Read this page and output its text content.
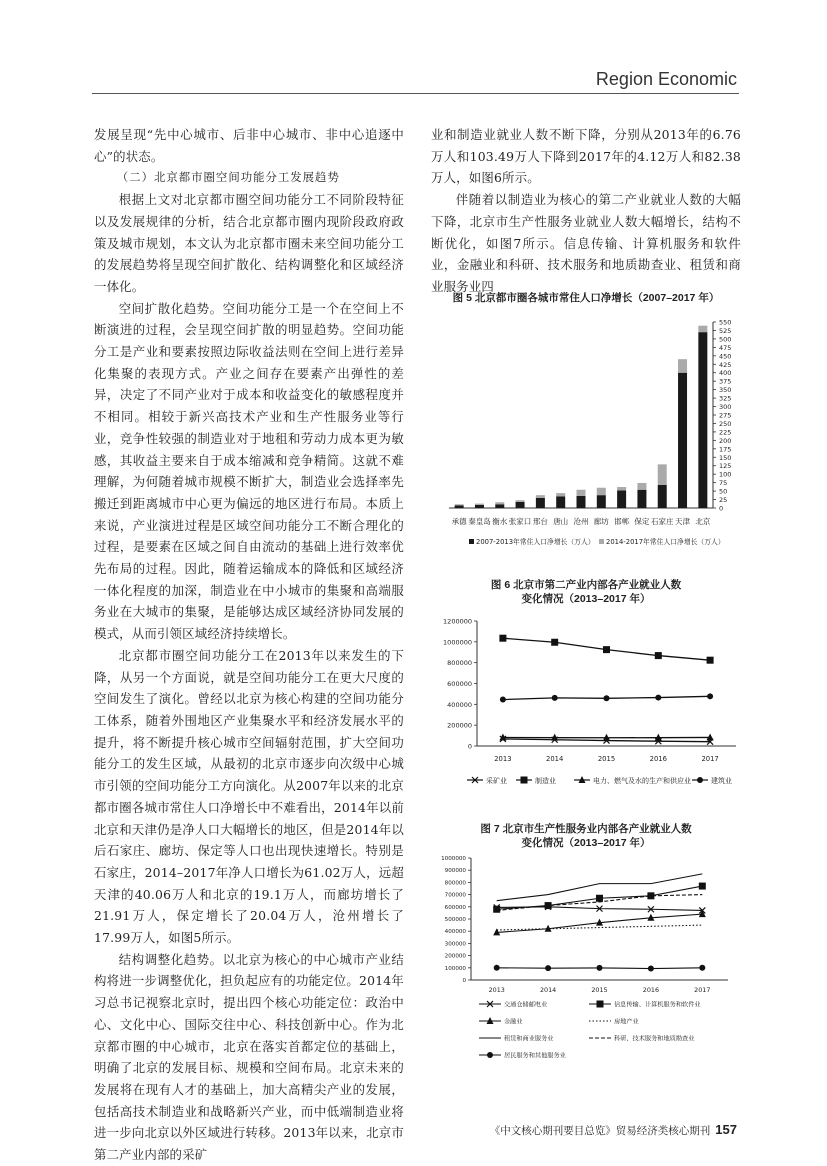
Region Economic

发展呈现“先中心城市、后非中心城市、非中心追逐中心”的状态。

（二）北京都市圈空间功能分工发展趋势

根据上文对北京都市圈空间功能分工不同阶段特征以及发展规律的分析，结合北京都市圈内现阶段政府政策及城市规划，本文认为北京都市圈未来空间功能分工的发展趋势将呈现空间扩散化、结构调整化和区域经济一体化。

空间扩散化趋势。空间功能分工是一个在空间上不断演进的过程，会呈现空间扩散的明显趋势。空间功能分工是产业和要素按照边际收益法则在空间上进行差异化集聚的表现方式。产业之间存在要素产出弹性的差异，决定了不同产业对于成本和收益变化的敏感程度并不相同。相较于新兴高技术产业和生产性服务业等行业，竞争性较强的制造业对于地租和劳动力成本更为敏感，其收益主要来自于成本缩减和竞争精简。这就不难理解，为何随着城市规模不断扩大，制造业会选择率先搬迁到距离城市中心更为偏远的地区进行布局。本质上来说，产业演进过程是区域空间功能分工不断合理化的过程，是要素在区域之间自由流动的基础上进行效率优先布局的过程。因此，随着运输成本的降低和区域经济一体化程度的加深，制造业在中小城市的集聚和高端服务业在大城市的集聚，是能够达成区域经济协同发展的模式，从而引领区域经济持续增长。

北京都市圈空间功能分工在2013年以来发生的下降，从另一个方面说，就是空间功能分工在更大尺度的空间发生了演化。曾经以北京为核心构建的空间功能分工体系，随着外围地区产业集聚水平和经济发展水平的提升，将不断提升核心城市空间辐射范围，扩大空间功能分工的发生区域，从最初的北京市逐步向次级中心城市引领的空间功能分工方向演化。从2007年以来的北京都市圈各城市常住人口净增长中不难看出，2014年以前北京和天津仍是净人口大幅增长的地区，但是2014年以后石家庄、廊坊、保定等人口也出现快速增长。特别是石家庄，2014–2017年净人口增长为61.02万人，远超天津的40.06万人和北京的19.1万人，而廊坊增长了21.91万人，保定增长了20.04万人，沧州增长了17.99万人，如图5所示。

结构调整化趋势。以北京为核心的中心城市产业结构将进一步调整优化，担负起应有的功能定位。2014年习总书记视察北京时，提出四个核心功能定位：政治中心、文化中心、国际交往中心、科技创新中心。作为北京都市圈的中心城市，北京在落实首都定位的基础上，明确了北京的发展目标、规模和空间布局。北京未来的发展将在现有人才的基础上，加大高精尖产业的发展，包括高技术制造业和战略新兴产业，而中低端制造业将进一步向北京以外区域进行转移。2013年以来，北京市第二产业内部的采矿

业和制造业就业人数不断下降，分别从2013年的6.76万人和103.49万人下降到2017年的4.12万人和82.38万人，如图6所示。

伴随着以制造业为核心的第二产业就业人数的大幅下降，北京市生产性服务业就业人数大幅增长，结构不断优化，如图7所示。信息传输、计算机服务和软件业，金融业和科研、技术服务和地质勘查业、租赁和商业服务业四

图 5 北京都市圈各城市常住人口净增长（2007–2017 年）
0
25
50
75
100
125
150
175
200
225
250
275
300
325
350
375
400
425
450
475
500
525
550
承德 秦皇岛 衡水 张家口 邢台 唐山 沧州 廊坊 邯郸 保定 石家庄 天津 北京
2007-2013年常住人口净增长（万人） 2014-2017年常住人口净增长（万人）
图 6 北京市第二产业内部各产业就业人数
变化情况（2013–2017 年）
0
200000
400000
600000
800000
1000000
1200000
2013	2014	2015	2016	2017
采矿业	制造业	电力、燃气及水的生产和供应业	建筑业
图 7 北京市生产性服务业内部各产业就业人数
变化情况（2013–2017 年）
0
100000
200000
300000
400000
500000
600000
700000
800000
900000
1000000
2013	2014	2015	2016	2017
交通仓储邮电业	信息传输、计算机服务和软件业
金融业	房地产业
租赁和商业服务业	科研、技术服务和地质勘查业
居民服务和其他服务业
《中文核心期刊要目总览》贸易经济类核心期刊 157
